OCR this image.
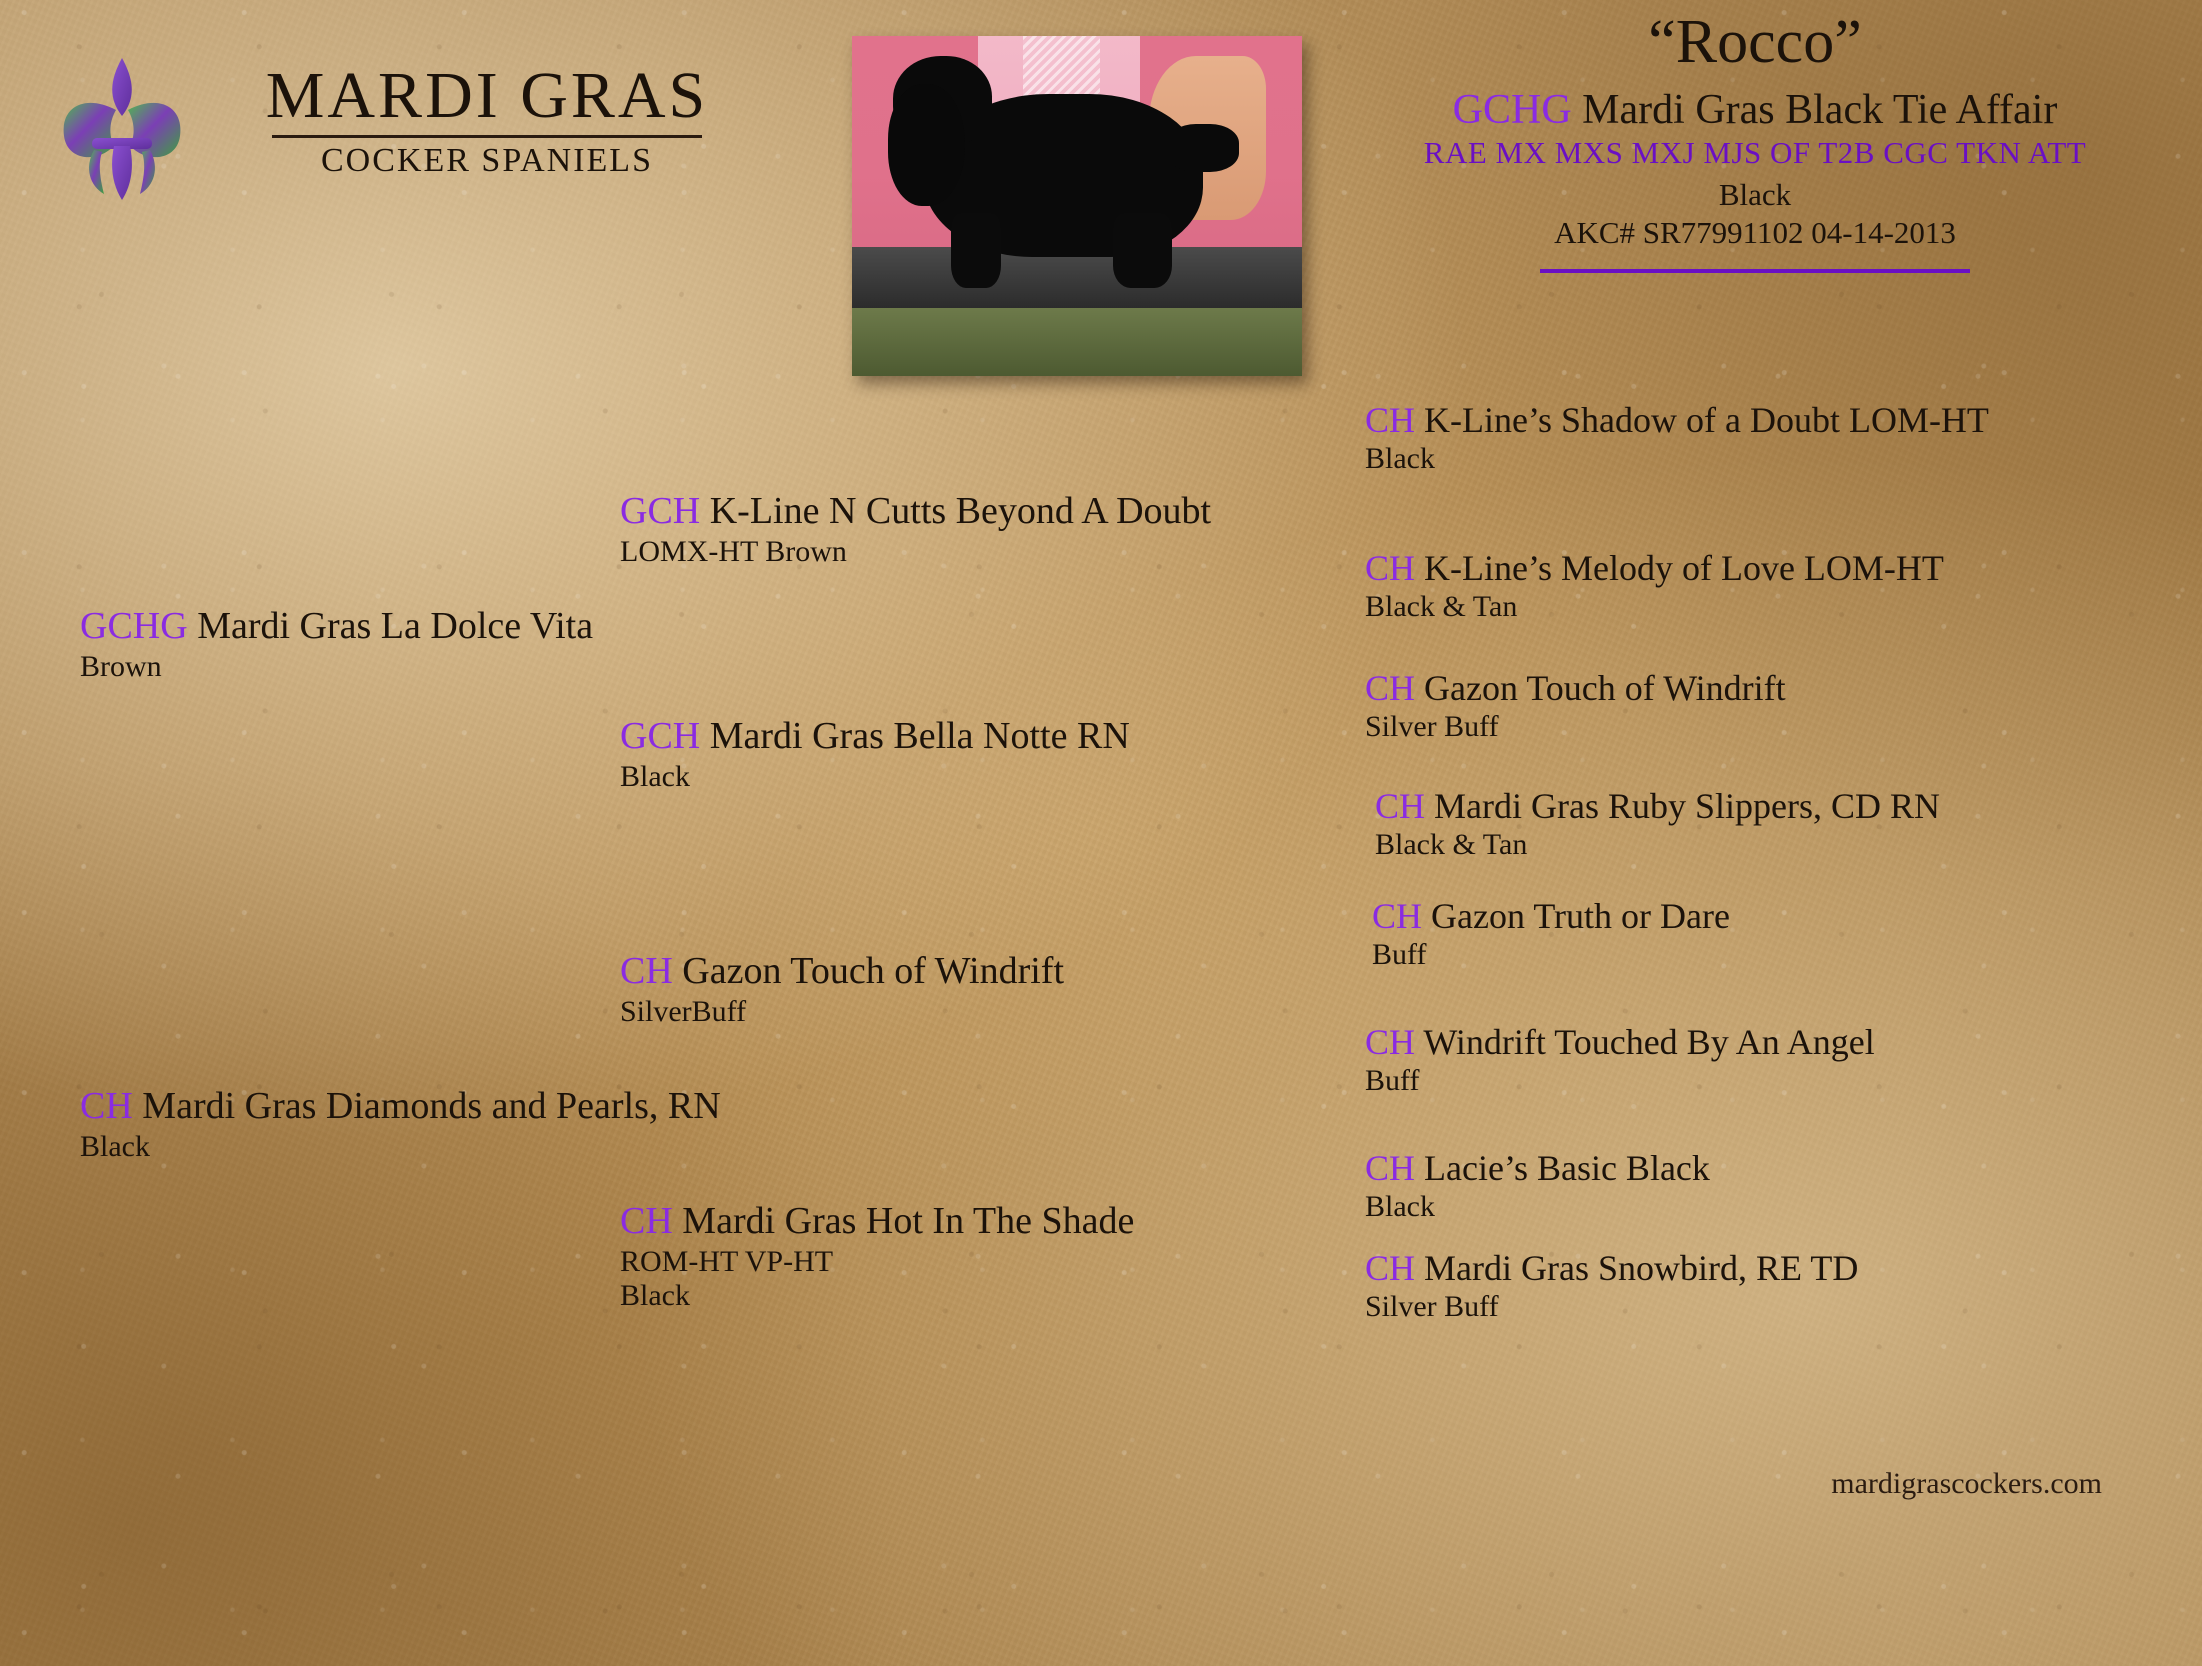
MARDI GRAS
COCKER SPANIELS
“Rocco”
GCHG Mardi Gras Black Tie Affair
RAE MX MXS MXJ MJS OF T2B CGC TKN ATT
Black
AKC# SR77991102 04-14-2013
GCHG Mardi Gras La Dolce Vita
Brown
CH Mardi Gras Diamonds and Pearls, RN
Black
GCH K-Line N Cutts Beyond A Doubt
LOMX-HT Brown
GCH Mardi Gras Bella Notte RN
Black
CH Gazon Touch of Windrift
SilverBuff
CH Mardi Gras Hot In The Shade
ROM-HT VP-HT
Black
CH K-Line’s Shadow of a Doubt LOM-HT
Black
CH K-Line’s Melody of Love LOM-HT
Black & Tan
CH Gazon Touch of Windrift
Silver Buff
CH Mardi Gras Ruby Slippers, CD RN
Black & Tan
CH Gazon Truth or Dare
Buff
CH Windrift Touched By An Angel
Buff
CH Lacie’s Basic Black
Black
CH Mardi Gras Snowbird, RE TD
Silver Buff
mardigrascockers.com
